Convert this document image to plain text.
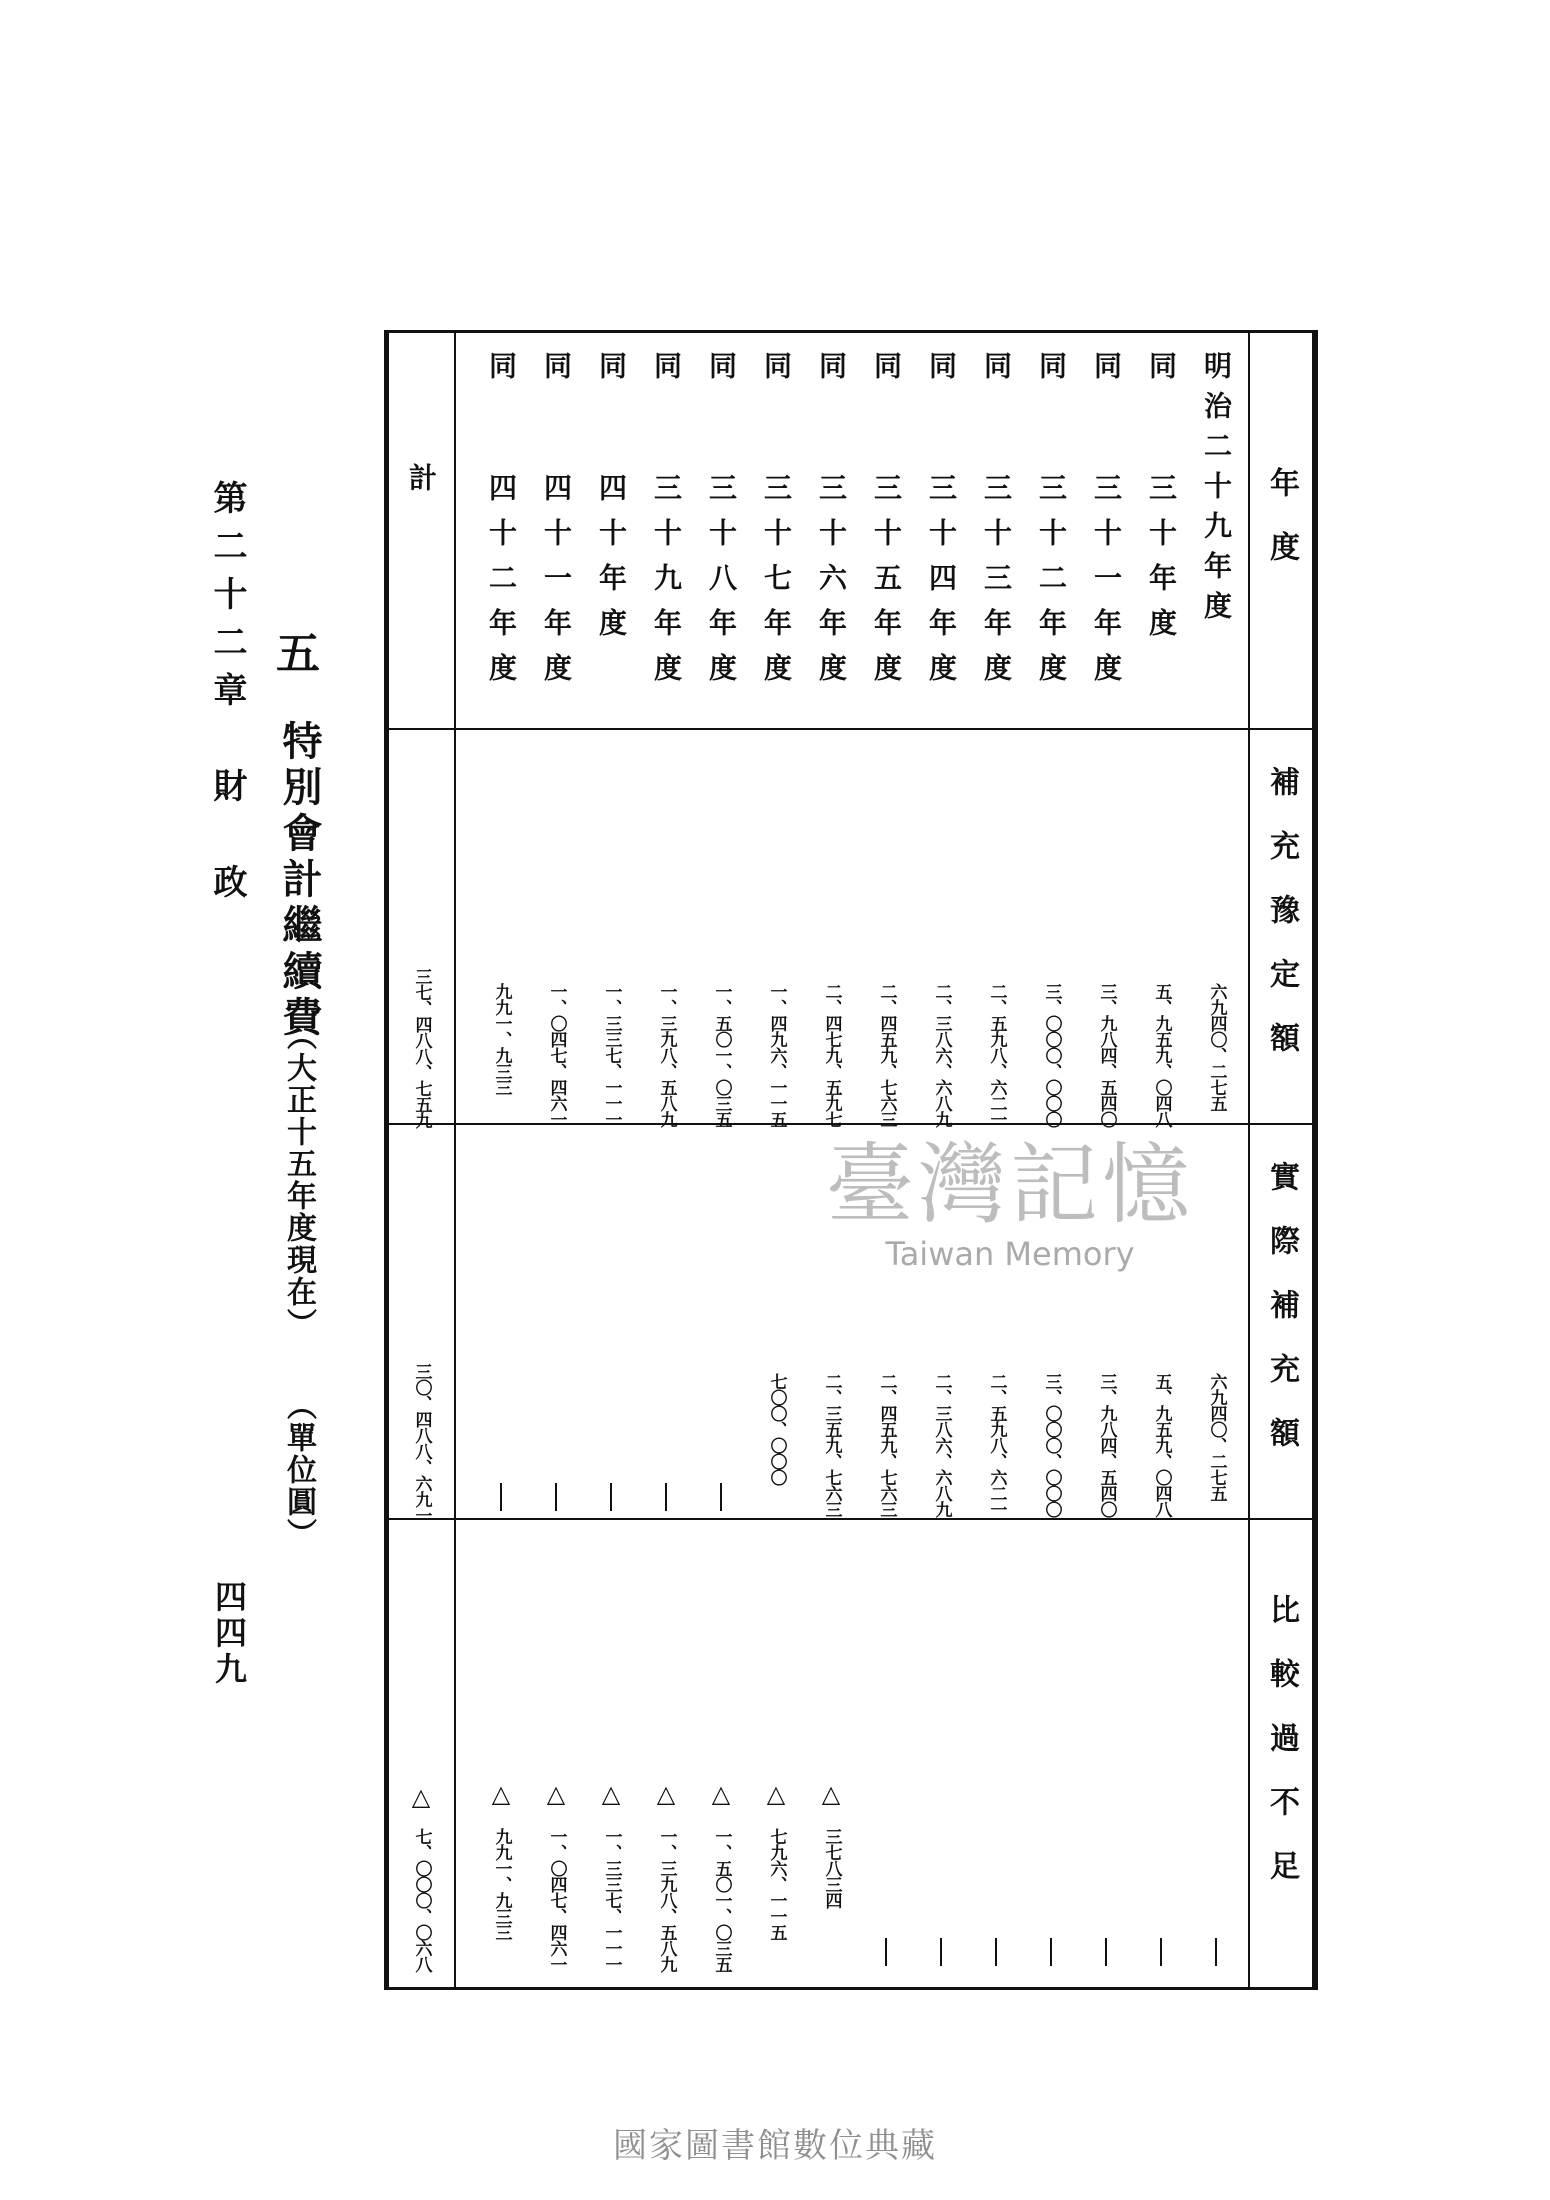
第二十二章　財　政
四四九
五
特別會計繼續費
（大正十五年度現在）
（單位圓）
年度
補充豫定額
實際補充額
比較過不足
明治二十九年度
六九四〇、二七五
六九四〇、二七五
同
三十年度
五、九五九、〇四八
五、九五九、〇四八
同
三十一年度
三、九八四、五四〇
三、九八四、五四〇
同
三十二年度
三、〇〇〇、〇〇〇
三、〇〇〇、〇〇〇
同
三十三年度
二、五九八、六二一
二、五九八、六二一
同
三十四年度
二、三八六、六八九
二、三八六、六八九
同
三十五年度
二、四五九、七六三
二、四五九、七六三
同
三十六年度
二、四七九、五九七
二、三五九、七六三
△
三七八三四
同
三十七年度
一、四九六、一一五
七〇〇、〇〇〇
△
七九六、一一五
同
三十八年度
一、五〇一、〇三五
△
一、五〇一、〇三五
同
三十九年度
一、三九八、五八九
△
一、三九八、五八九
同
四十年度
一、三三七、一一一
△
一、三三七、一一一
同
四十一年度
一、〇四七、四六一
△
一、〇四七、四六一
同
四十二年度
九九一、九三三
△
九九一、九三三
計
三七、四八八、七五九
三〇、四八八、六九一
△
七、〇〇〇、〇六八
臺灣記憶
Taiwan Memory
國家圖書館數位典藏
